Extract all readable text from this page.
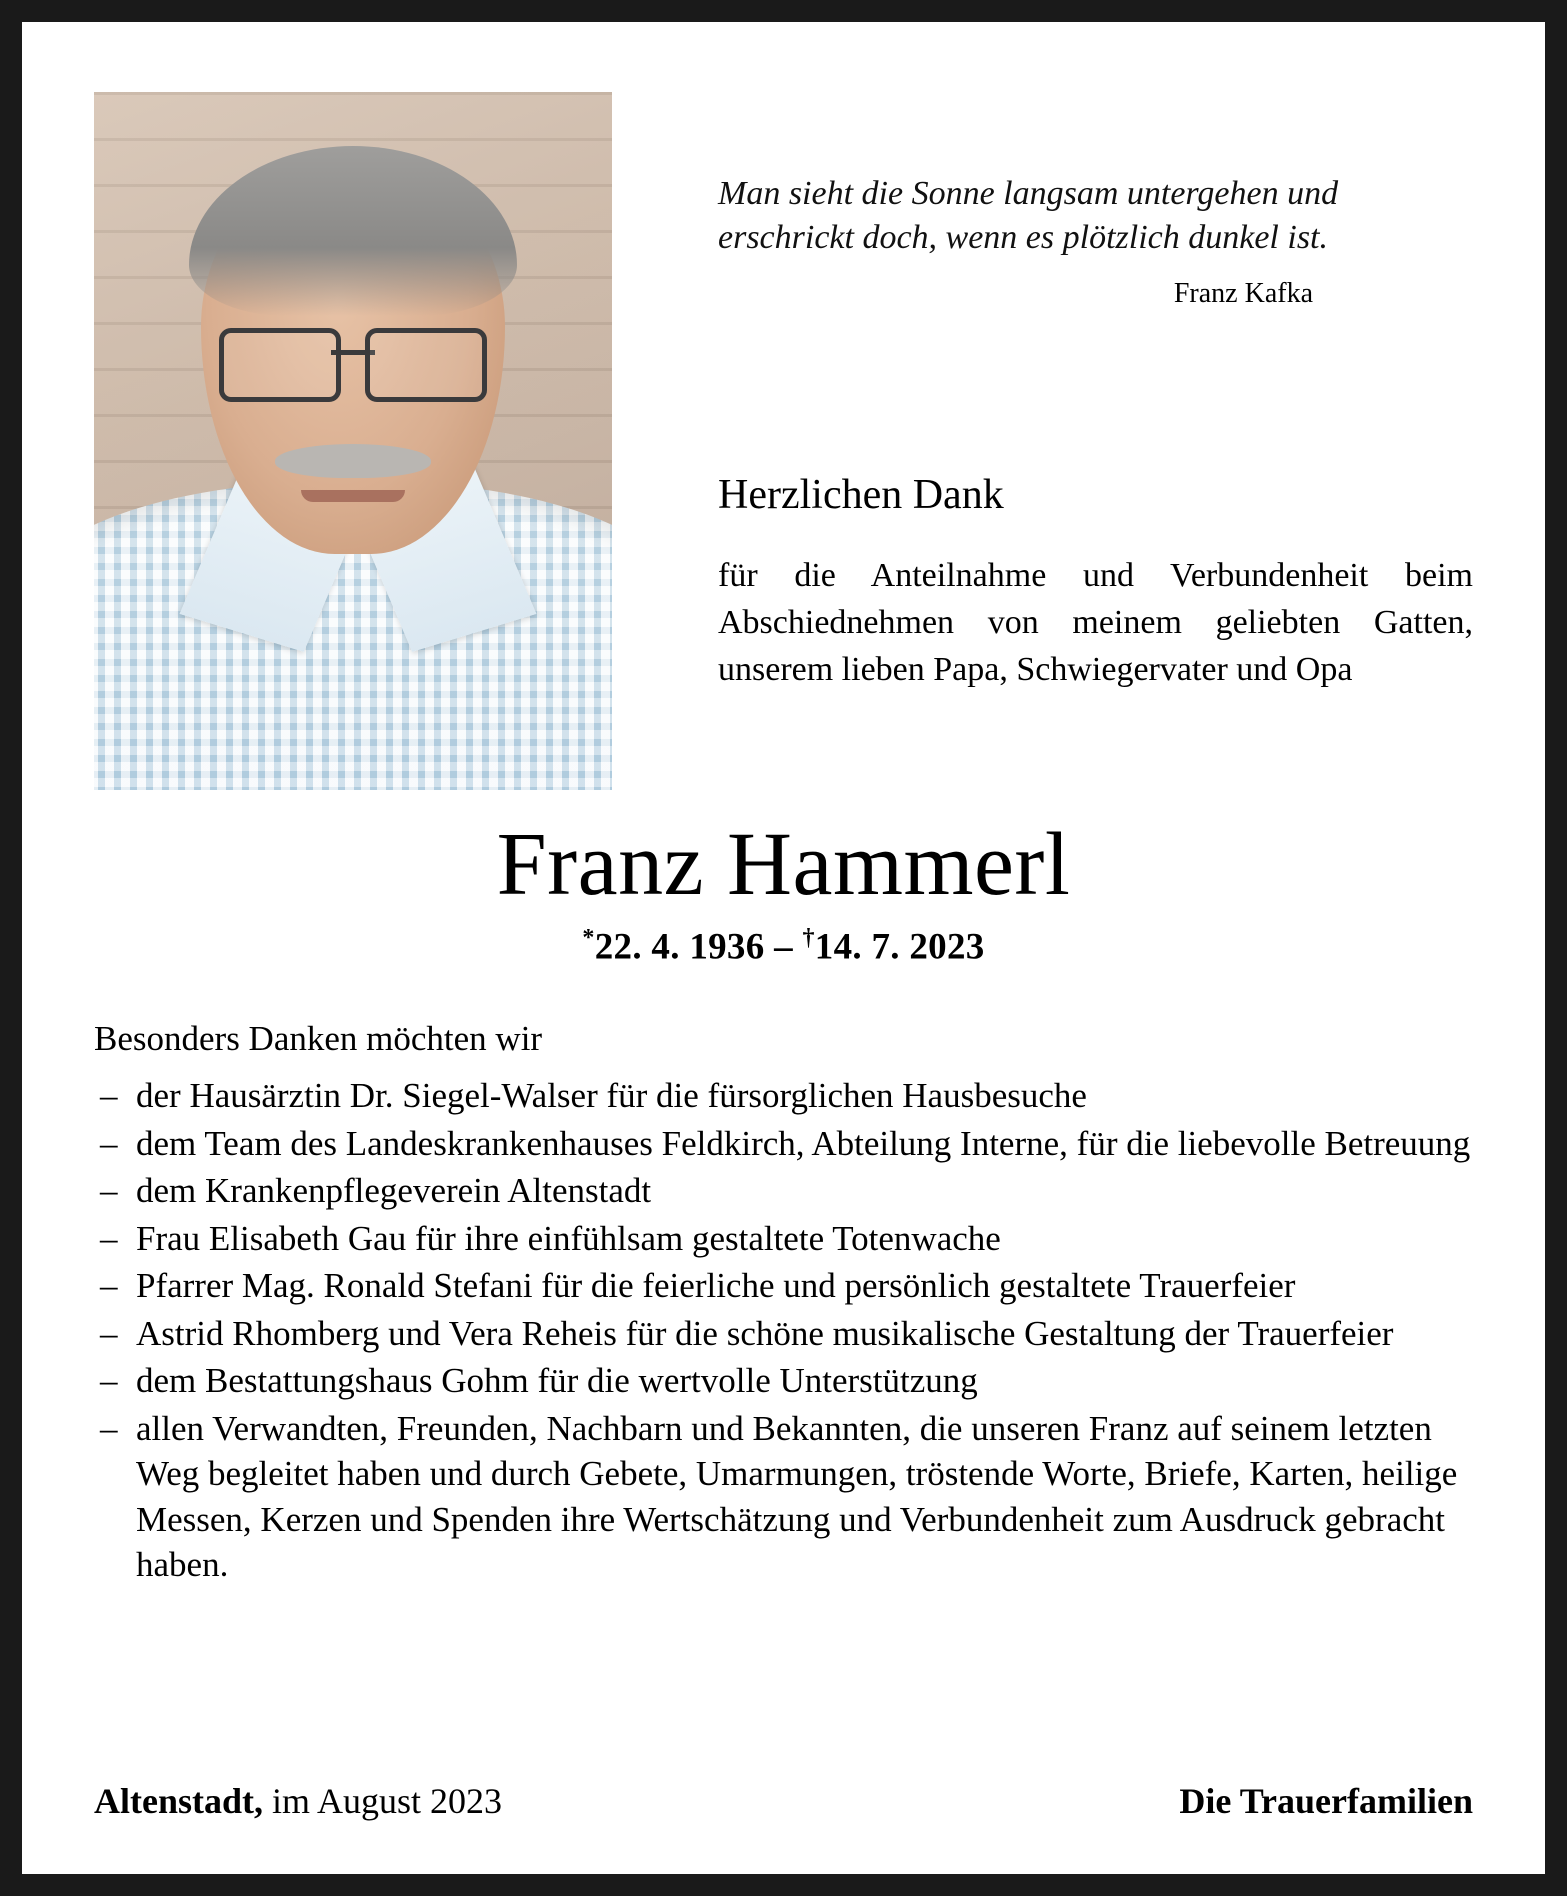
Man sieht die Sonne langsam untergehen und erschrickt doch, wenn es plötzlich dunkel ist.
Franz Kafka
Herzlichen Dank
für die Anteilnahme und Verbundenheit beim Abschiednehmen von meinem geliebten Gatten, unserem lieben Papa, Schwiegervater und Opa
Franz Hammerl
*22. 4. 1936 – †14. 7. 2023
Besonders Danken möchten wir
– der Hausärztin Dr. Siegel-Walser für die fürsorglichen Hausbesuche
– dem Team des Landeskrankenhauses Feldkirch, Abteilung Interne, für die liebevolle Betreuung
– dem Krankenpflegeverein Altenstadt
– Frau Elisabeth Gau für ihre einfühlsam gestaltete Totenwache
– Pfarrer Mag. Ronald Stefani für die feierliche und persönlich gestaltete Trauerfeier
– Astrid Rhomberg und Vera Reheis für die schöne musikalische Gestaltung der Trauerfeier
– dem Bestattungshaus Gohm für die wertvolle Unterstützung
– allen Verwandten, Freunden, Nachbarn und Bekannten, die unseren Franz auf seinem letzten Weg begleitet haben und durch Gebete, Umarmungen, tröstende Worte, Briefe, Karten, heilige Messen, Kerzen und Spenden ihre Wertschätzung und Verbundenheit zum Ausdruck gebracht haben.
Altenstadt, im August 2023	Die Trauerfamilien
